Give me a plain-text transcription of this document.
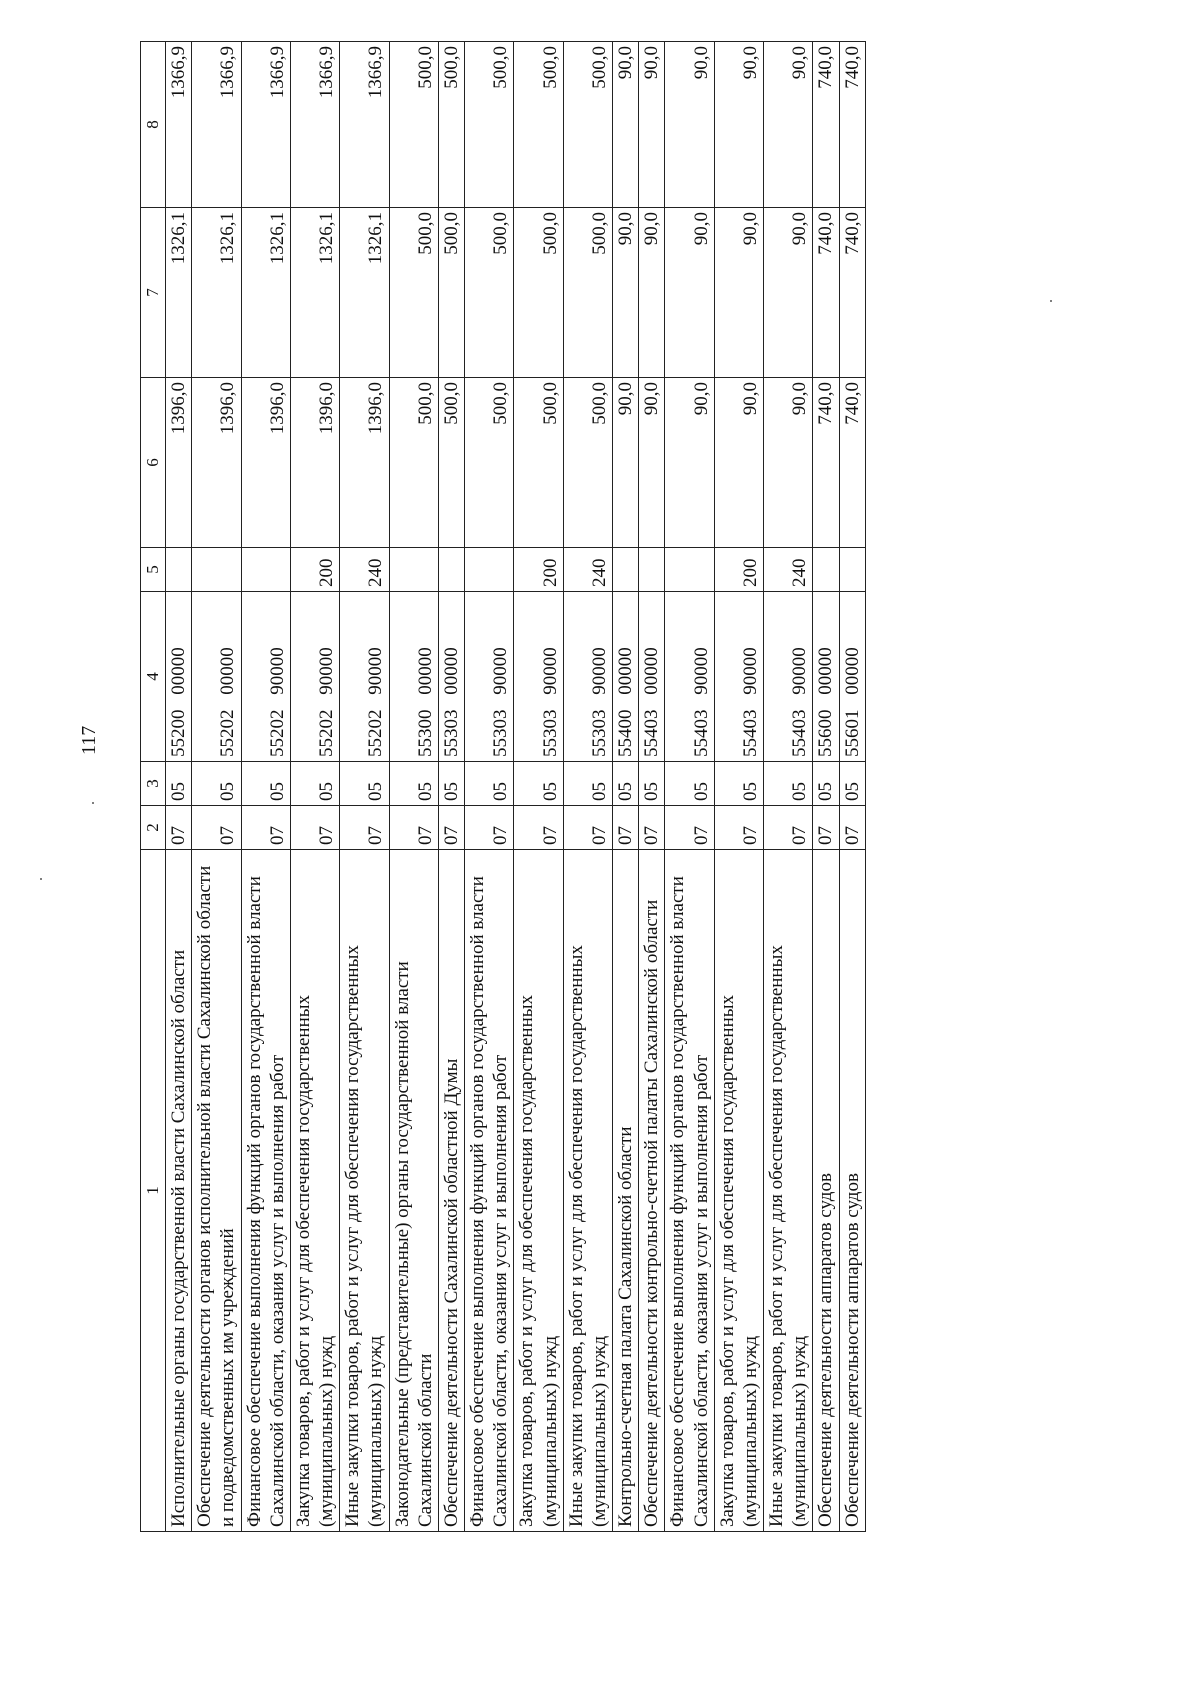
117
1	2	3	4	5	6	7	8
Исполнительные органы государственной власти Сахалинской области	07	05	55200 00000		1396,0	1326,1	1366,9
Обеспечение деятельности органов исполнительной власти Сахалинской области и подведомственных им учреждений	07	05	55202 00000		1396,0	1326,1	1366,9
Финансовое обеспечение выполнения функций органов государственной власти Сахалинской области, оказания услуг и выполнения работ	07	05	55202 90000		1396,0	1326,1	1366,9
Закупка товаров, работ и услуг для обеспечения государственных (муниципальных) нужд	07	05	55202 90000	200	1396,0	1326,1	1366,9
Иные закупки товаров, работ и услуг для обеспечения государственных (муниципальных) нужд	07	05	55202 90000	240	1396,0	1326,1	1366,9
Законодательные (представительные) органы государственной власти Сахалинской области	07	05	55300 00000		500,0	500,0	500,0
Обеспечение деятельности Сахалинской областной Думы	07	05	55303 00000		500,0	500,0	500,0
Финансовое обеспечение выполнения функций органов государственной власти Сахалинской области, оказания услуг и выполнения работ	07	05	55303 90000		500,0	500,0	500,0
Закупка товаров, работ и услуг для обеспечения государственных (муниципальных) нужд	07	05	55303 90000	200	500,0	500,0	500,0
Иные закупки товаров, работ и услуг для обеспечения государственных (муниципальных) нужд	07	05	55303 90000	240	500,0	500,0	500,0
Контрольно-счетная палата Сахалинской области	07	05	55400 00000		90,0	90,0	90,0
Обеспечение деятельности контрольно-счетной палаты Сахалинской области	07	05	55403 00000		90,0	90,0	90,0
Финансовое обеспечение выполнения функций органов государственной власти Сахалинской области, оказания услуг и выполнения работ	07	05	55403 90000		90,0	90,0	90,0
Закупка товаров, работ и услуг для обеспечения государственных (муниципальных) нужд	07	05	55403 90000	200	90,0	90,0	90,0
Иные закупки товаров, работ и услуг для обеспечения государственных (муниципальных) нужд	07	05	55403 90000	240	90,0	90,0	90,0
Обеспечение деятельности аппаратов судов	07	05	55600 00000		740,0	740,0	740,0
Обеспечение деятельности аппаратов судов	07	05	55601 00000		740,0	740,0	740,0
